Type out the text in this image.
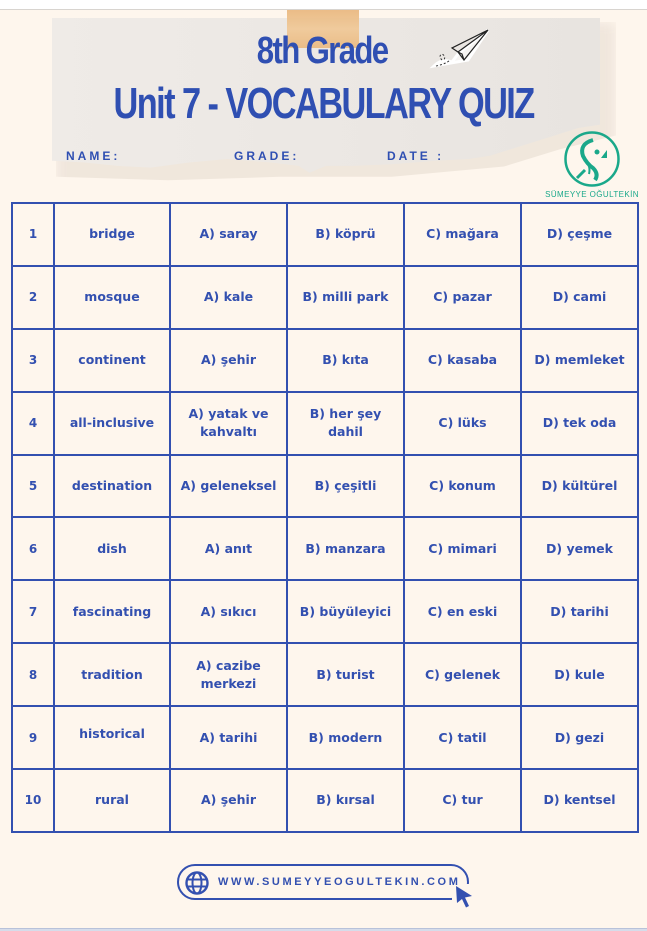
8th Grade
Unit 7 - VOCABULARY QUIZ
NAME:	GRADE:	DATE :
SÜMEYYE OĞULTEKİN
1	bridge	A) saray	B) köprü	C) mağara	D) çeşme
2	mosque	A) kale	B) milli park	C) pazar	D) cami
3	continent	A) şehir	B) kıta	C) kasaba	D) memleket
4	all-inclusive	A) yatak ve kahvaltı	B) her şey dahil	C) lüks	D) tek oda
5	destination	A) geleneksel	B) çeşitli	C) konum	D) kültürel
6	dish	A) anıt	B) manzara	C) mimari	D) yemek
7	fascinating	A) sıkıcı	B) büyüleyici	C) en eski	D) tarihi
8	tradition	A) cazibe merkezi	B) turist	C) gelenek	D) kule
9	historical	A) tarihi	B) modern	C) tatil	D) gezi
10	rural	A) şehir	B) kırsal	C) tur	D) kentsel
WWW.SUMEYYEOGULTEKIN.COM
